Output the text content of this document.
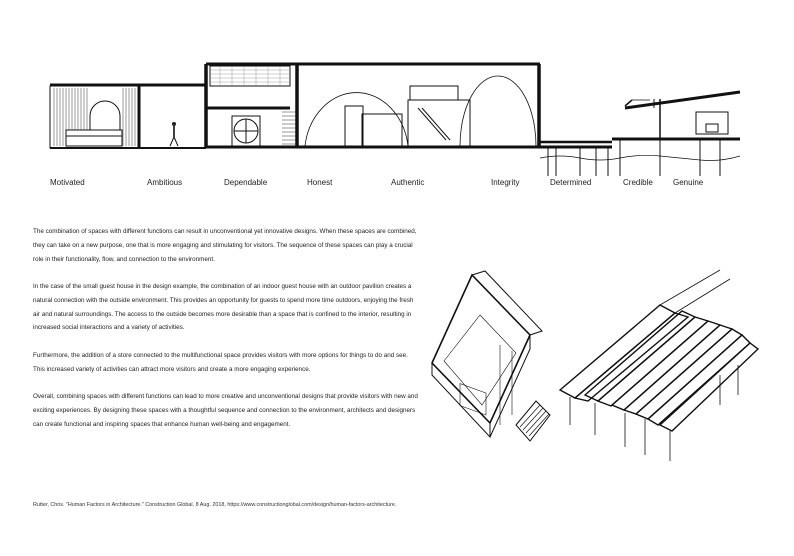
Motivated	Ambitious	Dependable	Honest	Authentic	Integrity	Determined	Credible	Genuine

The combination of spaces with different functions can result in unconventional yet innovative designs. When these spaces are combined, they can take on a new purpose, one that is more engaging and stimulating for visitors. The sequence of these spaces can play a crucial role in their functionality, flow, and connection to the environment.

In the case of the small guest house in the design example, the combination of an indoor guest house with an outdoor pavilion creates a natural connection with the outside environment. This provides an opportunity for guests to spend more time outdoors, enjoying the fresh air and natural surroundings. The access to the outside becomes more desirable than a space that is confined to the interior, resulting in increased social interactions and a variety of activities.

Furthermore, the addition of a store connected to the multifunctional space provides visitors with more options for things to do and see. This increased variety of activities can attract more visitors and create a more engaging experience.

Overall, combining spaces with different functions can lead to more creative and unconventional designs that provide visitors with new and exciting experiences. By designing these spaces with a thoughtful sequence and connection to the environment, architects and designers can create functional and inspiring spaces that enhance human well-being and engagement.

Rutter, Chris. "Human Factors in Architecture." Construction Global, 8 Aug. 2018, https://www.constructionglobal.com/design/human-factors-architecture.
